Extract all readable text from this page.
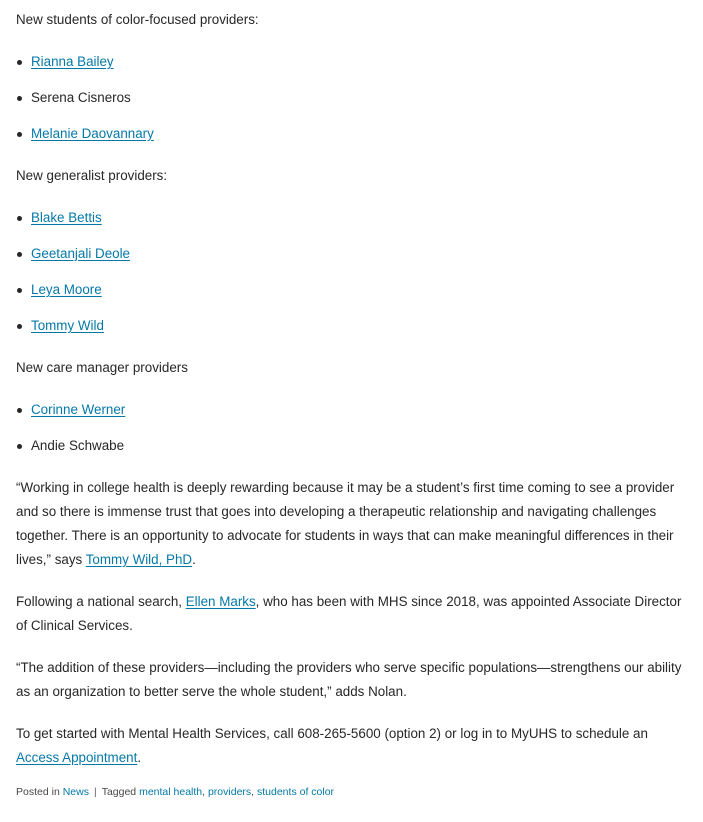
New students of color-focused providers:

Rianna Bailey
Serena Cisneros
Melanie Daovannary

New generalist providers:

Blake Bettis
Geetanjali Deole
Leya Moore
Tommy Wild

New care manager providers

Corinne Werner
Andie Schwabe

“Working in college health is deeply rewarding because it may be a student’s first time coming to see a provider and so there is immense trust that goes into developing a therapeutic relationship and navigating challenges together. There is an opportunity to advocate for students in ways that can make meaningful differences in their lives,” says Tommy Wild, PhD.

Following a national search, Ellen Marks, who has been with MHS since 2018, was appointed Associate Director of Clinical Services.

“The addition of these providers—including the providers who serve specific populations—strengthens our ability as an organization to better serve the whole student,” adds Nolan.

To get started with Mental Health Services, call 608-265-5600 (option 2) or log in to MyUHS to schedule an Access Appointment.

Posted in News | Tagged mental health, providers, students of color
